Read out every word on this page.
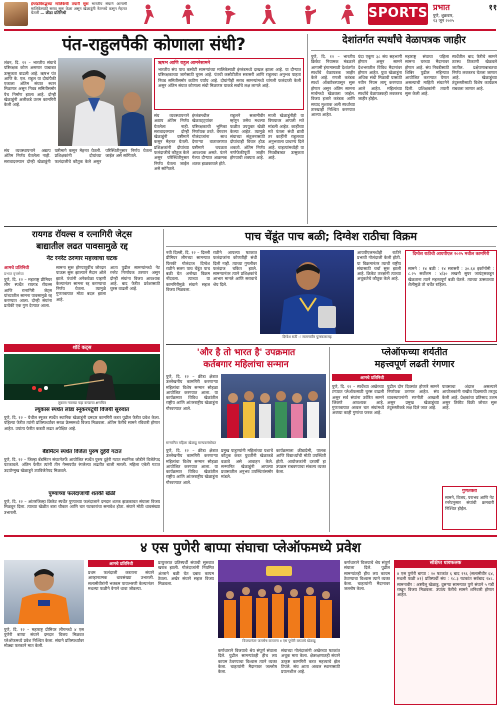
इंग्लंडविरुद्धच्या मालिकेची तयारी सुरू भारतीय संघाने आगामी मालिकेसाठी सराव सुरू केला असून खेळाडूंनी नेटमध्ये कसून मेहनत घेतली — क्रीडा प्रतिनिधी	SPORTS प्रभात	११
पुणे, शुक्रवार,
१३ जून २०२५
पंत-राहुलपैकी कोणाला संधी?
लंडन, दि. १२ – भारतीय संघाचे यष्टिरक्षक कोण असणार याबाबत उत्सुकता वाढली आहे. ऋषभ पंत आणि के. एल. राहुल या दोघांपैकी एकाला अंतिम संघात स्थान मिळणार असून निवड समितीसमोर पेच निर्माण झाला आहे. दोन्ही खेळाडूंनी अलीकडे उत्तम कामगिरी केली आहे.
ऋषभ आणि राहुल आमनेसामने
भारतीय संघ पाच कसोटी सामन्यांच्या मालिकेसाठी इंग्लंडमध्ये दाखल झाला आहे. या दौऱ्यात यष्टिरक्षकाच्या जागेसाठी चुरस आहे. पंतची कसोटीतील सरासरी आणि राहुलचा अनुभव पाहता निवड समितीसमोर कठीण पर्याय आहे. दोघांनीही सराव सामन्यांमध्ये चांगली फलंदाजी केली असून अंतिम संघात कोणाला संधी मिळणार याकडे सर्वांचे लक्ष लागले आहे.
संघ व्यवस्थापनाने अद्याप अंतिम निर्णय घेतलेला नाही. सरावादरम्यान दोन्ही खेळाडूंनी यष्टीमागे कसून मेहनत घेतली. प्रशिक्षकांनी दोघांच्या फलंदाजीचे कौतुक केले असून परिस्थितीनुसार निर्णय घेतला जाईल असे सांगितले.
इंग्लंडमधील खेळपट्ट्यांवर यष्टिरक्षकाची भूमिका निर्णायक ठरते. वेगवान गोलंदाजांना साथ देणाऱ्या वातावरणात यष्टीमागे चपळता आवश्यक असते. पंतने गेल्या दौऱ्यात आक्रमक शतक झळकावले होते.
राहुलने सलामीवीर म्हणून तसेच मधल्या फळीत उपयुक्त खेळी केल्या आहेत. त्यामुळे संघाच्या संतुलनासाठी दोघांचाही विचार होऊ शकतो. अंतिम निर्णय नाणेफेकीपूर्वी जाहीर होण्याची शक्यता आहे.
माजी खेळाडूंनीही या विषयावर आपली मते मांडली आहेत. काहींच्या मते पंतला संधी द्यावी तर काहींनी राहुलच्या अनुभवाला प्राधान्य दिले आहे. चाहत्यांमध्येही या निवडीबाबत उत्सुकता आहे.
संघ व्यवस्थापनाने अद्याप अंतिम निर्णय घेतलेला नाही. सरावादरम्यान दोन्ही खेळाडूंनी यष्टीमागे कसून मेहनत घेतली. प्रशिक्षकांनी दोघांच्या फलंदाजीचे कौतुक केले असून परिस्थितीनुसार निर्णय घेतला जाईल असे सांगितले.
देशांतर्गत स्पर्धांचे वेळापत्रक जाहीर
पुणे, दि. १२ – भारतीय क्रिकेट नियामक मंडळाने आगामी हंगामासाठी देशांतर्गत स्पर्धांचे वेळापत्रक जाहीर केले आहे. रणजी करंडक स्पर्धा ऑक्टोबरपासून सुरू होणार असून अंतिम सामना मार्चमध्ये खेळवला जाईल. विजय हजारे करंडक आणि सय्यद मुश्ताक अली स्पर्धांच्या तारखाही निश्चित करण्यात आल्या आहेत.
यंदा एकूण ३८ संघ सहभागी होणार असून सामने देशभरातील विविध मैदानांवर होणार आहेत. युवा खेळाडूंना अधिक संधी मिळावी यासाठी नवीन नियम लागू करण्यात आले आहेत. महिलांच्या स्पर्धांचे वेळापत्रकही लवकरच जाहीर होईल.
महाराष्ट्र संघाचा पहिला सामना घरच्या मैदानावर होणार आहे. संघ निवडीसाठी शिबिर पुढील महिन्यात आयोजित करण्यात येणार असल्याची माहिती संघटनेने दिली. प्रशिक्षकांनी तयारी सुरू केली आहे.
स्पर्धेतील बाद फेरीचे सामने तटस्थ ठिकाणी खेळवले जातील. प्रक्षेपणाबाबतचा निर्णय लवकरच घेतला जाणार आहे. खेळाडूंच्या तंदुरुस्तीसाठी विशेष कार्यक्रम राबवला जाणार आहे.
रायगड रॉयल्स व रत्नागिरी जेट्स
बाद्यातील लढत पावसामुळे रद्द
नेट रनरेट ठरणार महत्त्वाचा घटक
आमचे प्रतिनिधी
प्रभात वृत्तसेवा
पुणे, दि. १२ – महाराष्ट्र प्रीमियर लीग स्पर्धेत रायगड रॉयल्स आणि रत्नागिरी जेट्स यांच्यातील सामना पावसामुळे रद्द करण्यात आला. दोन्ही संघांना प्रत्येकी एक गुण देण्यात आला.
सामना सुरू होण्यापूर्वीच जोरदार पाऊस सुरू झाल्याने मैदान ओले झाले. पंचांनी अनेकवेळा पाहणी केल्यानंतर सामना रद्द करण्याचा निर्णय घेतला. त्यामुळे गुणतक्त्यात मोठा बदल झाला आहे.
आता पुढील सामन्यांमध्ये नेट रनरेट निर्णायक ठरणार असून दोन्ही संघांना विजय आवश्यक आहे. बाद फेरीत प्रवेशासाठी चुरस वाढली आहे.
शॉर्ट कट्स
लुकास नवाच्या चहा कप्याचा क्षणचित्र
ल्युकास स्पर्धेत लांडा स्नूकरपटूची विजयी सुरुवात
पुणे, दि. १२ – येथील स्नूकर स्पर्धेत स्थानिक खेळाडूंनी दमदार कामगिरी करत पुढील फेरीत प्रवेश केला. पहिल्या फेरीत त्यांनी प्रतिस्पर्ध्यांवर सरळ फ्रेम्समध्ये विजय मिळवला. अंतिम फेरीचे सामने रविवारी होणार आहेत. उपांत्य फेरीत कडवी लढत अपेक्षित आहे.
बॅडमिंटन स्पर्धेत विजेता पुरुष दुहेरी गटात
पुणे, दि. १२ – जिल्हा बॅडमिंटन संघटनेतर्फे आयोजित स्पर्धेत पुरुष दुहेरी गटात स्थानिक जोडीने विजेतेपद पटकावले. अंतिम फेरीत त्यांनी तीन गेम्सपर्यंत रंगलेल्या लढतीत बाजी मारली. महिला एकेरी गटात उदयोन्मुख खेळाडूने उपविजेतेपद मिळवले.
पुण्याच्या फलंदाजाची शतकी खेळी
पुणे, दि. १२ – आंतरजिल्हा क्रिकेट स्पर्धेत पुण्याच्या फलंदाजाने दमदार शतक झळकावत संघाला विजय मिळवून दिला. त्याच्या खेळीत बारा चौकार आणि चार षटकारांचा समावेश होता. संघाने मोठी धावसंख्या उभारली.
पाच चेंडूंत पाच बळी; दिग्वेश राठीचा विक्रम
नवी दिल्ली, दि. १२ – दिल्ली प्रीमियर लीगच्या सामन्यात फिरकी गोलंदाज दिग्वेश राठीने सलग पाच चेंडूंत पाच बळी घेत अनोखा विक्रम नोंदवला. त्याच्या या कामगिरीमुळे संघाने सहज विजय मिळवला.
राठीने आपल्या षटकात फलंदाजांना कोणतीही संधी दिली नाही. त्याच्या गुगलीवर फलंदाज चकित झाले. सामन्यानंतर त्याने प्रशिक्षकांचे आभार मानले आणि सरावाचे श्रेय दिले.
दिग्वेश राठी ः सामनावीर पुरस्कारासह
आयपीएलमध्येही राठीने प्रभावी गोलंदाजी केली होती. या विक्रमानंतर त्याची राष्ट्रीय संघासाठी चर्चा सुरू झाली आहे. क्रिकेट तज्ज्ञांनी त्याच्या अचूकतेचे कौतुक केले आहे.
दिग्वेश राठीची आयपीएल २०२५ मधील कामगिरी
सामने : १४ बळी : १४ सरासरी : ३०.६४ इकॉनॉमी : ८.२५ सर्वोत्तम : ४/३० लखनौ सुपर जायंट्सकडून खेळताना त्याने महत्त्वपूर्ण बळी घेतले. त्याच्या उत्सवाच्या शैलीमुळे तो चर्चेत राहिला.
'और है तो भारत है' उपक्रमात
कर्तबगार महिलांचा सन्मान
पुणे, दि. १२ – क्रीडा क्षेत्रात उल्लेखनीय कामगिरी करणाऱ्या महिलांचा विशेष सन्मान सोहळा आयोजित करण्यात आला. या कार्यक्रमात विविध खेळांतील राष्ट्रीय आणि आंतरराष्ट्रीय खेळाडूंना गौरवण्यात आले.
सन्मानित महिला खेळाडू मान्यवरांसोबत
प्रमुख पाहुण्यांनी महिलांच्या यशाचे कौतुक करत युवतींनी खेळाकडे वळावे असे आवाहन केले. सन्मानित खेळाडूंनी आपल्या प्रवासातील अनुभव उपस्थितांसमोर मांडले.
कार्यक्रमाला क्रीडाप्रेमी, पालक आणि विद्यार्थ्यांची मोठी उपस्थिती होती. आयोजकांनी दरवर्षी हा उपक्रम राबवण्याचा संकल्प व्यक्त केला.
पुणे, दि. १२ – क्रीडा क्षेत्रात उल्लेखनीय कामगिरी करणाऱ्या महिलांचा विशेष सन्मान सोहळा आयोजित करण्यात आला. या कार्यक्रमात विविध खेळांतील राष्ट्रीय आणि आंतरराष्ट्रीय खेळाडूंना गौरवण्यात आले.
प्लेऑफच्या शर्यतीत
महत्त्वपूर्ण लढती रंगणार
आमचे प्रतिनिधी
पुणे, दि. १२ – स्पर्धेच्या अखेरच्या टप्प्यात प्लेऑफसाठी चुरस वाढली असून सर्व संघांना उर्वरित सामने जिंकणे आवश्यक आहे. गुणतक्त्यात अव्वल चार संघांमध्ये अवघ्या काही गुणांचा फरक आहे.
पुढील दोन दिवसांत होणारे सामने निर्णायक ठरणार आहेत. संघ व्यवस्थापनांनी रणनीती आखली असून प्रमुख खेळाडूंच्या तंदुरुस्तीकडे लक्ष दिले जात आहे.
पावसाचा अंदाज असल्याने आयोजकांनी राखीव दिवसाची तरतूद केली आहे. प्रेक्षकांचा प्रतिसाद उत्तम असून तिकीट विक्री जोरात सुरू आहे.
गुणतक्ता
सामने, विजय, पराभव आणि नेट रनरेटनुसार संघांची क्रमवारी निश्चित होईल.
४ एस पुणेरी बाप्पा संघाचा प्लेऑफमध्ये प्रवेश
आमचे प्रतिनिधी
पुणे, दि. १२ – महाराष्ट्र प्रीमियर लीगमध्ये ४ एस पुणेरी बाप्पा संघाने दमदार विजय मिळवत प्लेऑफमध्ये प्रवेश निश्चित केला. संघाने प्रतिस्पर्ध्यांवर मोठ्या फरकाने मात केली.
प्रथम फलंदाजी करताना संघाने आव्हानात्मक धावसंख्या उभारली. सलामीवीरांनी भक्कम पायाभरणी केल्यानंतर मधल्या फळीने वेगाने धावा जोडल्या.
प्रत्युत्तरात प्रतिस्पर्धी संघाची सुरुवात खराब झाली. गोलंदाजांनी नियमित अंतराने बळी घेत दबाव कायम ठेवला. अखेर संघाने सहज विजय मिळवला.
विजयानंतर जल्लोष करताना ४ एस पुणेरी बाप्पाचे खेळाडू
कर्णधाराने विजयाचे श्रेय संपूर्ण संघाला दिले. पुढील सामन्यांतही हीच लय कायम ठेवण्याचा विश्वास त्याने व्यक्त केला. चाहत्यांनी मैदानावर जल्लोष केला.
संघाच्या गोलंदाजांनी अखेरच्या षटकांत अचूक मारा केला. क्षेत्ररक्षणातही संघाने उत्कृष्ट कामगिरी करत महत्त्वाचे झेल टिपले. संघ आता अव्वल स्थानासाठी प्रयत्नशील आहे.
कर्णधाराने विजयाचे श्रेय संपूर्ण संघाला दिले. पुढील सामन्यांतही हीच लय कायम ठेवण्याचा विश्वास त्याने व्यक्त केला. चाहत्यांनी मैदानावर जल्लोष केला.
संक्षिप्त धावफलक
४ एस पुणेरी बाप्पा : २० षटकांत ६ बाद १९६ (सलामीवीर ६४, मधली फळी ४१) प्रतिस्पर्धी संघ : १८.३ षटकांत सर्वबाद १४८. सामनावीर : अष्टपैलू खेळाडू. दुसऱ्या सामन्यात पुणे संघाने ५ गडी राखून विजय मिळवला. उपांत्य फेरीचे सामने शनिवारी होणार आहेत.
